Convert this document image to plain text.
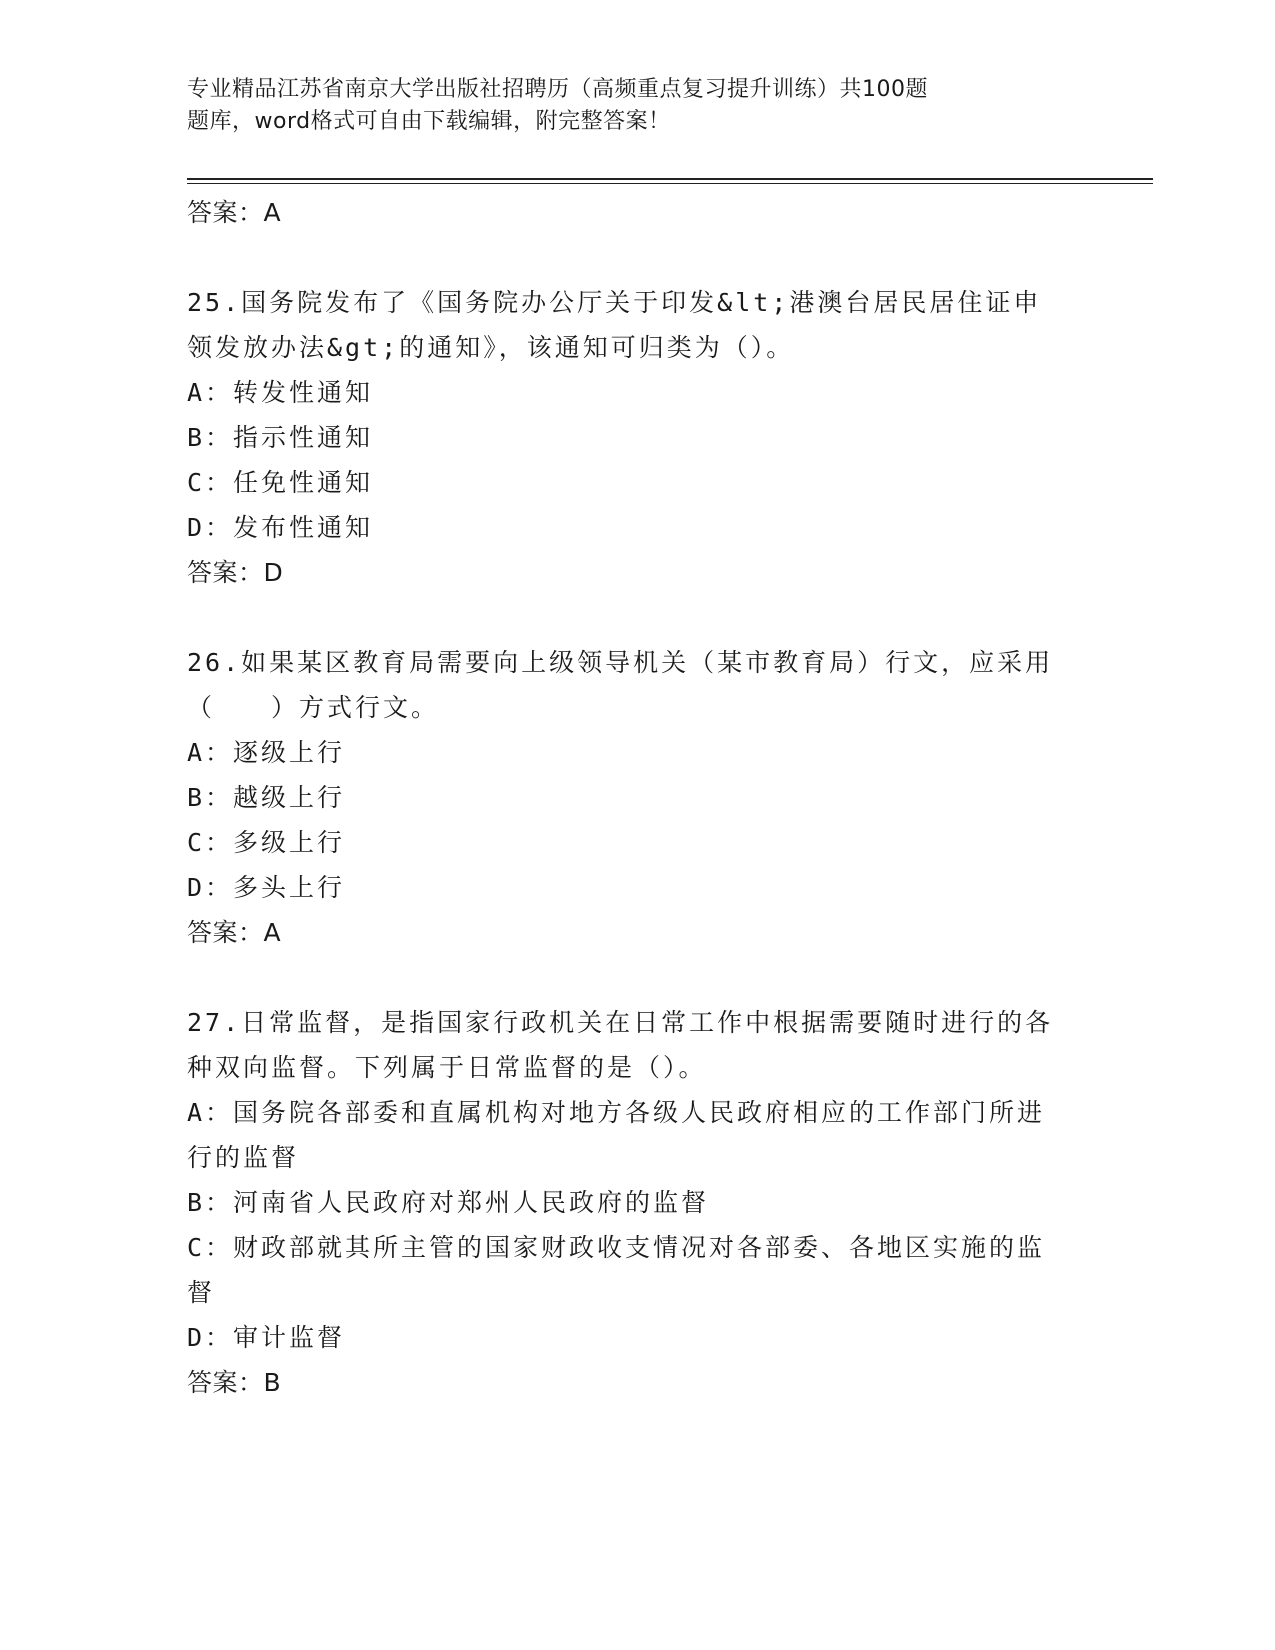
专业精品江苏省南京大学出版社招聘历（高频重点复习提升训练）共100题
题库，word格式可自由下载编辑，附完整答案！
答案：A
25.国务院发布了《国务院办公厅关于印发&lt;港澳台居民居住证申领发放办法&gt;的通知》，该通知可归类为（）。
A：转发性通知
B：指示性通知
C：任免性通知
D：发布性通知
答案：D
26.如果某区教育局需要向上级领导机关（某市教育局）行文，应采用（　　）方式行文。
A：逐级上行
B：越级上行
C：多级上行
D：多头上行
答案：A
27.日常监督，是指国家行政机关在日常工作中根据需要随时进行的各种双向监督。下列属于日常监督的是（）。
A：国务院各部委和直属机构对地方各级人民政府相应的工作部门所进行的监督
B：河南省人民政府对郑州人民政府的监督
C：财政部就其所主管的国家财政收支情况对各部委、各地区实施的监督
D：审计监督
答案：B
